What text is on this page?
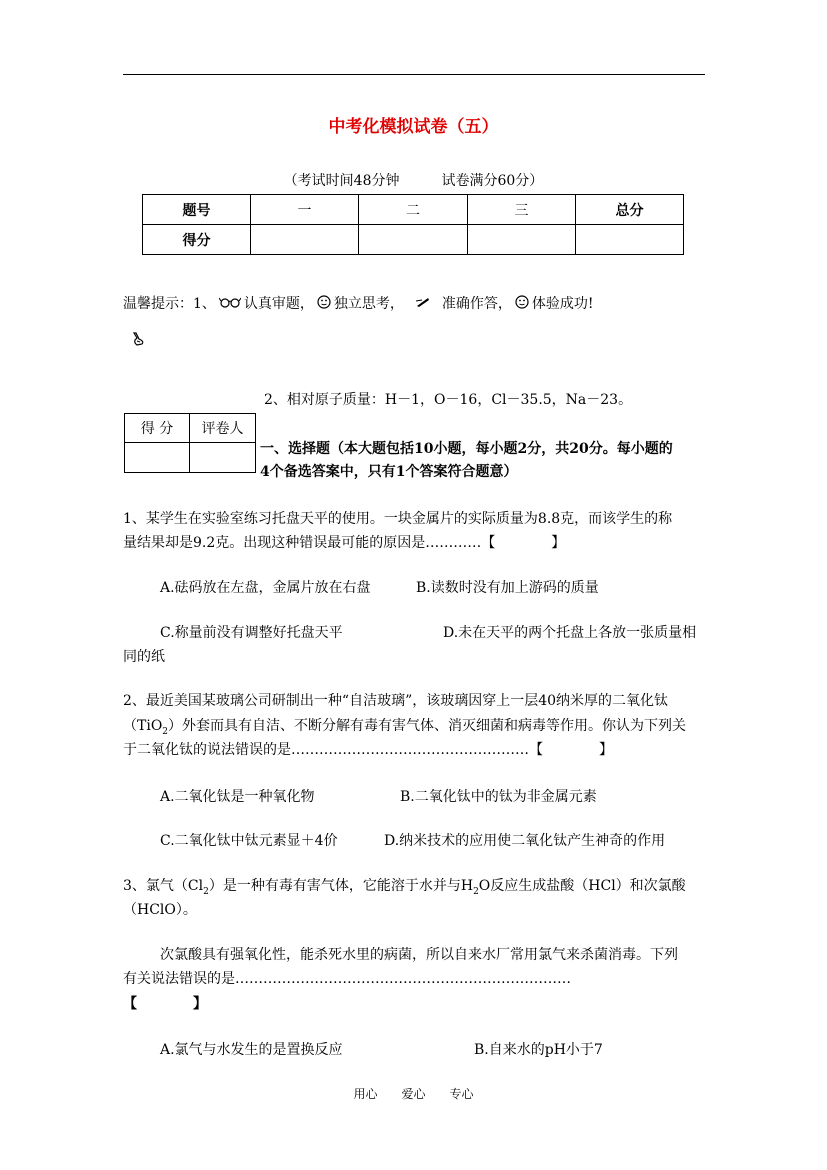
中考化模拟试卷（五）
（考试时间48分钟　　　试卷满分60分）
题号	一	二	三	总分
得分				
温馨提示：1、 认真审题， 独立思考，	准确作答， 体验成功!
2、相对原子质量：H－1，O－16，Cl－35.5，Na－23。
得 分	评卷人

一、选择题（本大题包括10小题，每小题2分，共20分。每小题的
4个备选答案中，只有1个答案符合题意）
1、某学生在实验室练习托盘天平的使用。一块金属片的实际质量为8.8克，而该学生的称
量结果却是9.2克。出现这种错误最可能的原因是…………【　　　　】
A.砝码放在左盘，金属片放在右盘	B.读数时没有加上游码的质量
C.称量前没有调整好托盘天平	D.未在天平的两个托盘上各放一张质量相
同的纸
2、最近美国某玻璃公司研制出一种“自洁玻璃”，该玻璃因穿上一层40纳米厚的二氧化钛
（TiO$_2$）外套而具有自洁、不断分解有毒有害气体、消灭细菌和病毒等作用。你认为下列关
于二氧化钛的说法错误的是……………………………………………【　　　　】
A.二氧化钛是一种氧化物	B.二氧化钛中的钛为非金属元素
C.二氧化钛中钛元素显＋4价	D.纳米技术的应用使二氧化钛产生神奇的作用
3、氯气$(Cl_2)$是一种有毒有害气体，它能溶于水并与$H_2O$反应生成盐酸（HCl）和次氯酸
（HClO）。
次氯酸具有强氧化性，能杀死水里的病菌，所以自来水厂常用氯气来杀菌消毒。下列
有关说法错误的是………………………………………………………………
【　　　　】
A.氯气与水发生的是置换反应	B.自来水的pH小于7
用心　　爱心　　专心
